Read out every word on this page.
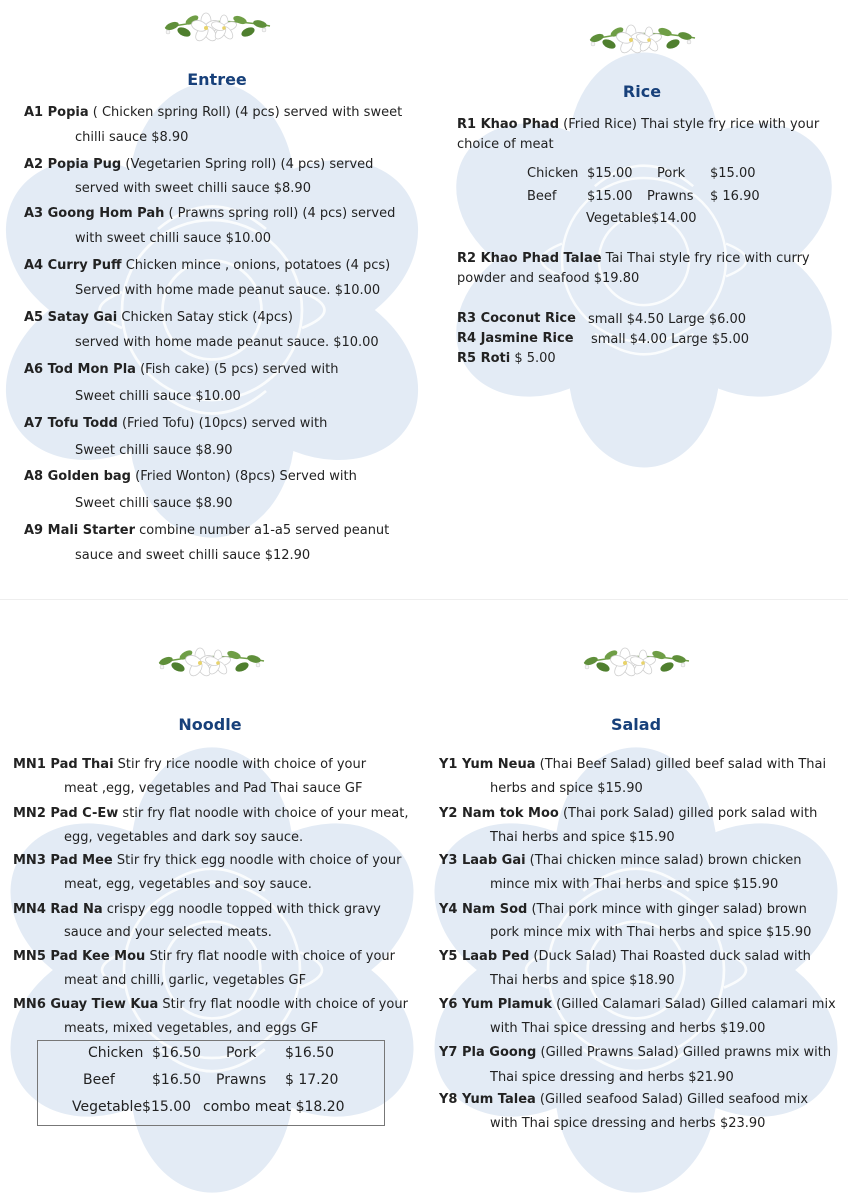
Entree
A1 Popia ( Chicken spring Roll) (4 pcs) served with sweet
chilli sauce $8.90
A2 Popia Pug (Vegetarien Spring roll) (4 pcs) served
served with sweet chilli sauce $8.90
A3 Goong Hom Pah ( Prawns spring roll) (4 pcs) served
with sweet chilli sauce $10.00
A4 Curry Puff Chicken mince , onions, potatoes (4 pcs)
Served with home made peanut sauce. $10.00
A5 Satay Gai Chicken Satay stick (4pcs)
served with home made peanut sauce. $10.00
A6 Tod Mon Pla (Fish cake) (5 pcs) served with
Sweet chilli sauce $10.00
A7 Tofu Todd (Fried Tofu) (10pcs) served with
Sweet chilli sauce $8.90
A8 Golden bag (Fried Wonton) (8pcs) Served with
Sweet chilli sauce $8.90
A9 Mali Starter combine number a1-a5 served peanut
sauce and sweet chilli sauce $12.90
Rice
R1 Khao Phad (Fried Rice) Thai style fry rice with your
choice of meat
Chicken $15.00 Pork $15.00
Beef $15.00 Prawns $ 16.90
Vegetable$14.00
R2 Khao Phad Talae Tai Thai style fry rice with curry
powder and seafood $19.80
R3 Coconut Rice small $4.50 Large $6.00
R4 Jasmine Rice small $4.00 Large $5.00
R5 Roti $ 5.00
Noodle
MN1 Pad Thai Stir fry rice noodle with choice of your
meat ,egg, vegetables and Pad Thai sauce GF
MN2 Pad C-Ew stir fry flat noodle with choice of your meat,
egg, vegetables and dark soy sauce.
MN3 Pad Mee Stir fry thick egg noodle with choice of your
meat, egg, vegetables and soy sauce.
MN4 Rad Na crispy egg noodle topped with thick gravy
sauce and your selected meats.
MN5 Pad Kee Mou Stir fry flat noodle with choice of your
meat and chilli, garlic, vegetables GF
MN6 Guay Tiew Kua Stir fry flat noodle with choice of your
meats, mixed vegetables, and eggs GF
Chicken $16.50 Pork $16.50
Beef	$16.50 Prawns $ 17.20
Vegetable$15.00 combo meat $18.20
Salad
Y1 Yum Neua (Thai Beef Salad) gilled beef salad with Thai
herbs and spice $15.90
Y2 Nam tok Moo (Thai pork Salad) gilled pork salad with
Thai herbs and spice $15.90
Y3 Laab Gai (Thai chicken mince salad) brown chicken
mince mix with Thai herbs and spice $15.90
Y4 Nam Sod (Thai pork mince with ginger salad) brown
pork mince mix with Thai herbs and spice $15.90
Y5 Laab Ped (Duck Salad) Thai Roasted duck salad with
Thai herbs and spice $18.90
Y6 Yum Plamuk (Gilled Calamari Salad) Gilled calamari mix
with Thai spice dressing and herbs $19.00
Y7 Pla Goong (Gilled Prawns Salad) Gilled prawns mix with
Thai spice dressing and herbs $21.90
Y8 Yum Talea (Gilled seafood Salad) Gilled seafood mix
with Thai spice dressing and herbs $23.90
